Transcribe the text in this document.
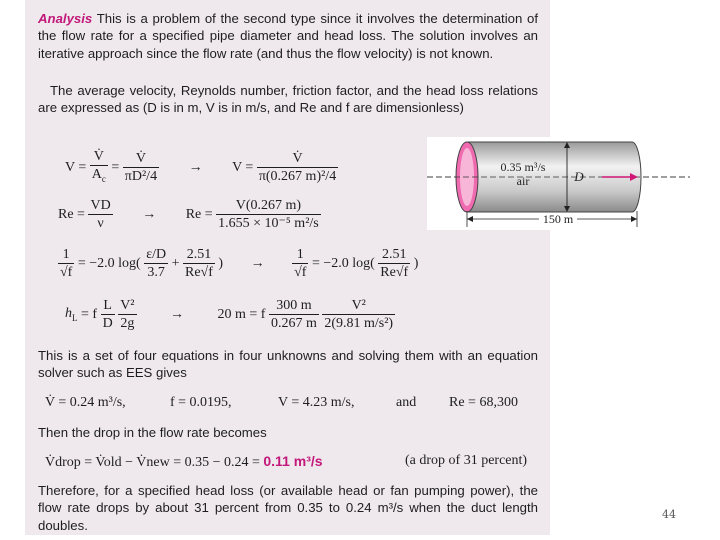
Analysis This is a problem of the second type since it involves the determination of the flow rate for a specified pipe diameter and head loss. The solution involves an iterative approach since the flow rate (and thus the flow velocity) is not known.
The average velocity, Reynolds number, friction factor, and the head loss relations are expressed as (D is in m, V is in m/s, and Re and f are dimensionless)
$V = \frac{V̇}{A_c} = \frac{V̇}{\text{πD²/4}} \to V = \frac{V̇}{\text{π(0.267 m)²/4}}$
$Re = \frac{VD}{\nu} \to Re = \frac{V(0.267 m)}{\text{1.655 × 10⁻⁵ m²/s}}$
$\frac{1}{√f} = -2.0$ $\log( \frac{\varepsilon/D}{3.7} + \frac{2.51}{Re√f}$ ) → $\frac{1}{√f} = -2.0$ $\log( \frac{2.51}{Re√f}$ )
$h_L = f \frac{L}{D}$
$\frac{\text{V²}}{2g} \to 20$ m = f $\frac{300 m}{0.267 m}$
$\frac{\text{V²}}{\text{2(9.81 m/s²)}}$
This is a set of four equations in four unknowns and solving them with an equation solver such as EES gives
V̇ = 0.24 m³/s,	f = 0.0195,	V = 4.23 m/s,	and Re = 68,300
Then the drop in the flow rate becomes
V̇drop = V̇old − V̇new = 0.35 − 0.24 = 0.11 m³/s	(a drop of 31 percent)
Therefore, for a specified head loss (or available head or fan pumping power), the flow rate drops by about 31 percent from 0.35 to 0.24 m³/s when the duct length doubles.
0.35 m³/s
air	D
150 m
44
